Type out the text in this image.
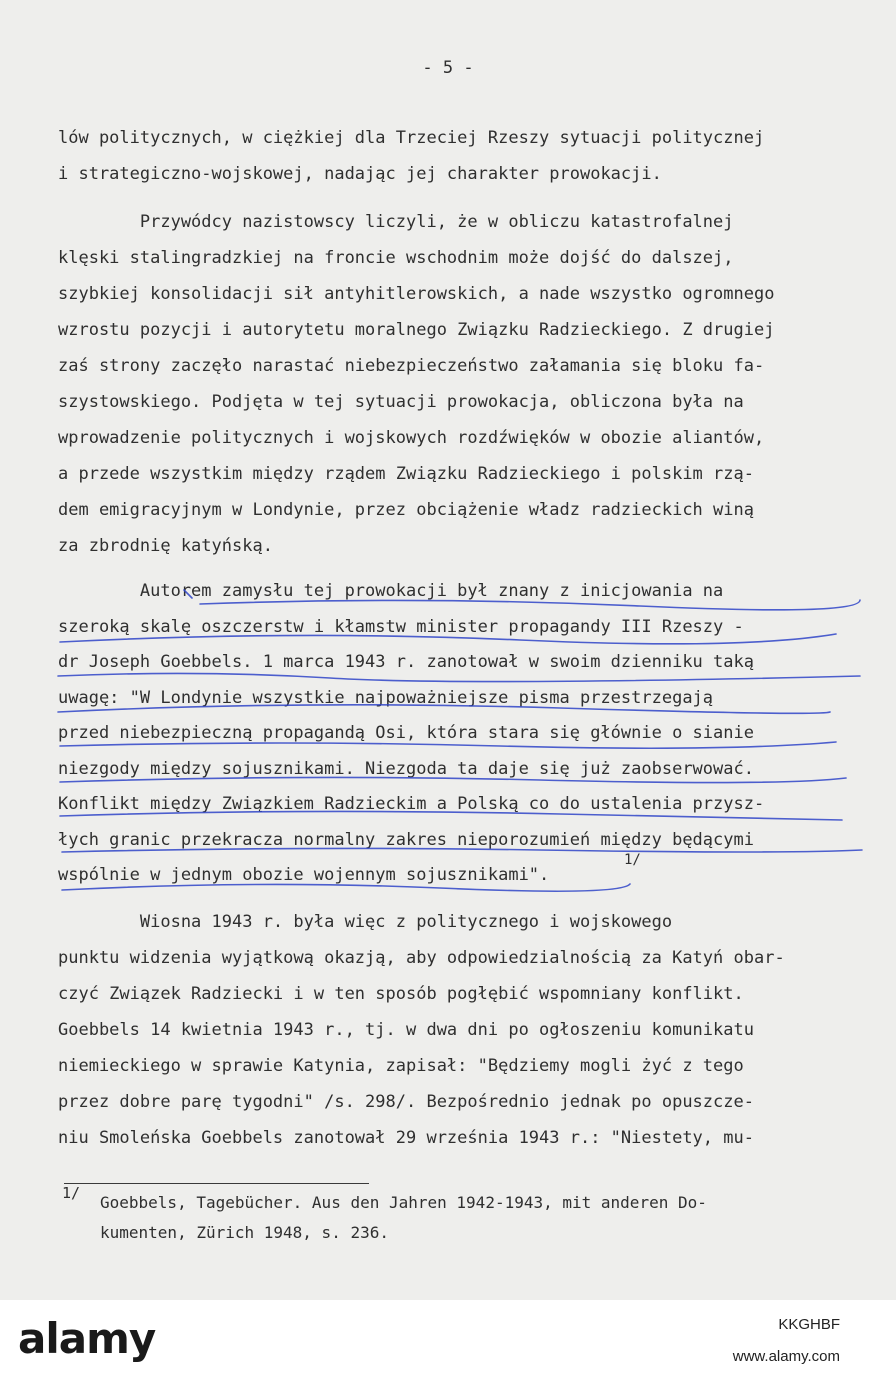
- 5 -
lów politycznych, w ciężkiej dla Trzeciej Rzeszy sytuacji politycznej
i strategiczno-wojskowej, nadając jej charakter prowokacji.
Przywódcy nazistowscy liczyli, że w obliczu katastrofalnej
klęski stalingradzkiej na froncie wschodnim może dojść do dalszej,
szybkiej konsolidacji sił antyhitlerowskich, a nade wszystko ogromnego
wzrostu pozycji i autorytetu moralnego Związku Radzieckiego. Z drugiej
zaś strony zaczęło narastać niebezpieczeństwo załamania się bloku fa-
szystowskiego. Podjęta w tej sytuacji prowokacja, obliczona była na
wprowadzenie politycznych i wojskowych rozdźwięków w obozie aliantów,
a przede wszystkim między rządem Związku Radzieckiego i polskim rzą-
dem emigracyjnym w Londynie, przez obciążenie władz radzieckich winą
za zbrodnię katyńską.
Autorem zamysłu tej prowokacji był znany z inicjowania na
szeroką skalę oszczerstw i kłamstw minister propagandy III Rzeszy -
dr Joseph Goebbels. 1 marca 1943 r. zanotował w swoim dzienniku taką
uwagę: "W Londynie wszystkie najpoważniejsze pisma przestrzegają
przed niebezpieczną propagandą Osi, która stara się głównie o sianie
niezgody między sojusznikami. Niezgoda ta daje się już zaobserwować.
Konflikt między Związkiem Radzieckim a Polską co do ustalenia przysz-
łych granic przekracza normalny zakres nieporozumień między będącymi
wspólnie w jednym obozie wojennym sojusznikami".
1/
Wiosna 1943 r. była więc z politycznego i wojskowego
punktu widzenia wyjątkową okazją, aby odpowiedzialnością za Katyń obar-
czyć Związek Radziecki i w ten sposób pogłębić wspomniany konflikt.
Goebbels 14 kwietnia 1943 r., tj. w dwa dni po ogłoszeniu komunikatu
niemieckiego w sprawie Katynia, zapisał: "Będziemy mogli żyć z tego
przez dobre parę tygodni" /s. 298/. Bezpośrednio jednak po opuszcze-
niu Smoleńska Goebbels zanotował 29 września 1943 r.: "Niestety, mu-
1/ Goebbels, Tagebücher. Aus den Jahren 1942-1943, mit anderen Do-
kumenten, Zürich 1948, s. 236.
alamy	KKGHBF
www.alamy.com
